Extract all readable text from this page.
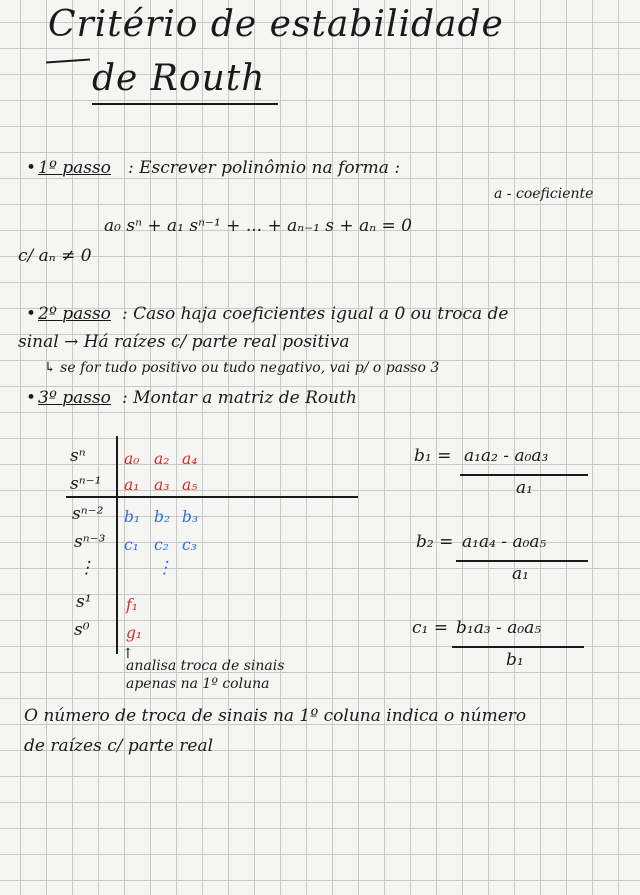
Critério de estabilidade
de Routh
• 1º passo : Escrever polinômio na forma :
a - coeficiente
a₀ sⁿ + a₁ sⁿ⁻¹ + ... + aₙ₋₁ s + aₙ = 0
c/ aₙ ≠ 0
• 2º passo : Caso haja coeficientes igual a 0 ou troca de
sinal → Há raízes c/ parte real positiva
↳ se for tudo positivo ou tudo negativo, vai p/ o passo 3
• 3º passo : Montar a matriz de Routh
sⁿ a₀ a₂ a₄
sⁿ⁻¹ a₁ a₃ a₅
sⁿ⁻² b₁ b₂ b₃
sⁿ⁻³ c₁ c₂ c₃
⋮	⋮
s¹ f₁
s⁰ g₁
↑
analisa troca de sinais
apenas na 1º coluna
b₁ = a₁a₂ - a₀a₃
a₁
b₂ = a₁a₄ - a₀a₅
a₁
c₁ = b₁a₃ - a₀a₅
b₁
O número de troca de sinais na 1º coluna indica o número
de raízes c/ parte real
